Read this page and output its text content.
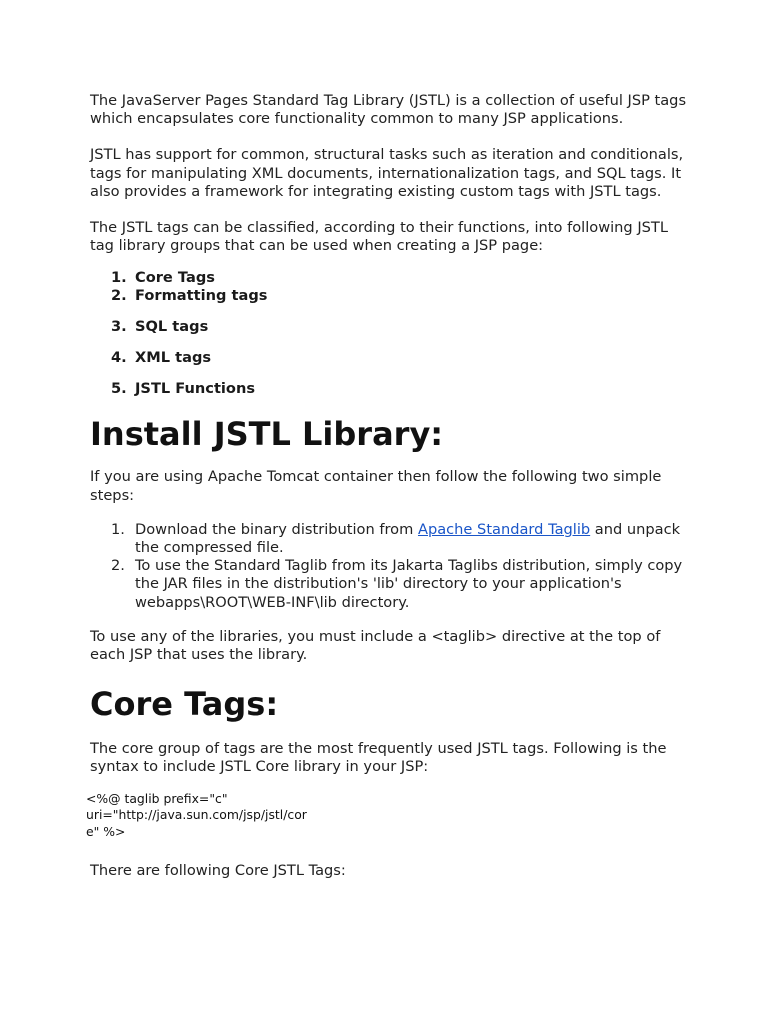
The JavaServer Pages Standard Tag Library (JSTL) is a collection of useful JSP tags which encapsulates core functionality common to many JSP applications.

JSTL has support for common, structural tasks such as iteration and conditionals, tags for manipulating XML documents, internationalization tags, and SQL tags. It also provides a framework for integrating existing custom tags with JSTL tags.

The JSTL tags can be classified, according to their functions, into following JSTL tag library groups that can be used when creating a JSP page:

1. Core Tags
2. Formatting tags
3. SQL tags
4. XML tags
5. JSTL Functions
Install JSTL Library:

If you are using Apache Tomcat container then follow the following two simple steps:

1. Download the binary distribution from Apache Standard Taglib and unpack the compressed file.
2. To use the Standard Taglib from its Jakarta Taglibs distribution, simply copy the JAR files in the distribution's 'lib' directory to your application's webapps\ROOT\WEB-INF\lib directory.

To use any of the libraries, you must include a <taglib> directive at the top of each JSP that uses the library.

Core Tags:

The core group of tags are the most frequently used JSTL tags. Following is the syntax to include JSTL Core library in your JSP:

<%@ taglib prefix="c"
uri="http://java.sun.com/jsp/jstl/cor
e" %>

There are following Core JSTL Tags:
